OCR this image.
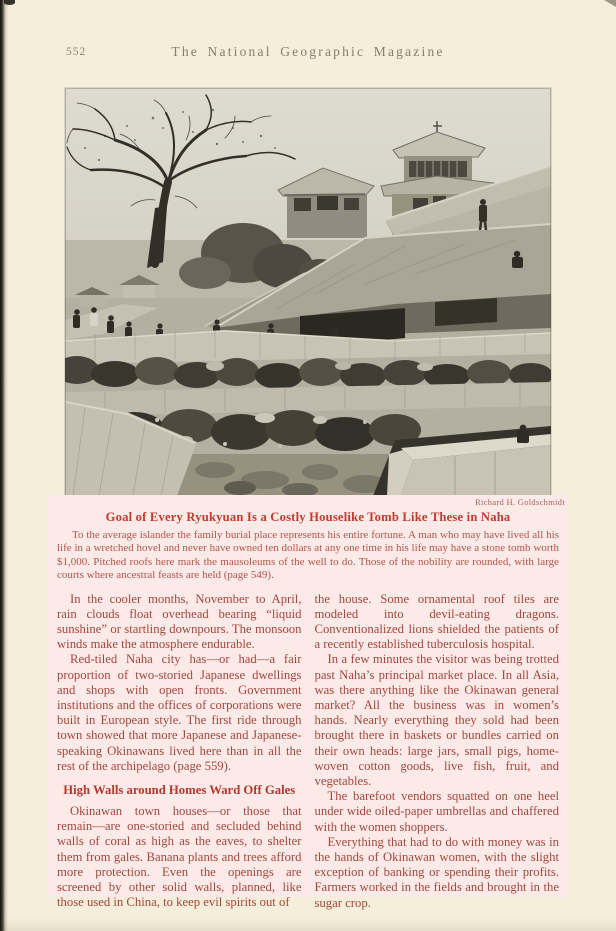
552	The National Geographic Magazine
Richard H. Goldschmidt
Goal of Every Ryukyuan Is a Costly Houselike Tomb Like These in Naha
To the average islander the family burial place represents his entire fortune. A man who may have lived all his life in a wretched hovel and never have owned ten dollars at any one time in his life may have a stone tomb worth $1,000. Pitched roofs here mark the mausoleums of the well to do. Those of the nobility are rounded, with large courts where ancestral feasts are held (page 549).

In the cooler months, November to April, rain clouds float overhead bearing “liquid sunshine” or startling downpours. The monsoon winds make the atmosphere endurable.

Red-tiled Naha city has—or had—a fair proportion of two-storied Japanese dwellings and shops with open fronts. Government institutions and the offices of corporations were built in European style. The first ride through town showed that more Japanese and Japanese-speaking Okinawans lived here than in all the rest of the archipelago (page 559).

High Walls around Homes Ward Off Gales

Okinawan town houses—or those that remain—are one-storied and secluded behind walls of coral as high as the eaves, to shelter them from gales. Banana plants and trees afford more protection. Even the openings are screened by other solid walls, planned, like those used in China, to keep evil spirits out of

the house. Some ornamental roof tiles are modeled into devil-eating dragons. Conventionalized lions shielded the patients of a recently established tuberculosis hospital.

In a few minutes the visitor was being trotted past Naha’s principal market place. In all Asia, was there anything like the Okinawan general market? All the business was in women’s hands. Nearly everything they sold had been brought there in baskets or bundles carried on their own heads: large jars, small pigs, home-woven cotton goods, live fish, fruit, and vegetables.

The barefoot vendors squatted on one heel under wide oiled-paper umbrellas and chaffered with the women shoppers.

Everything that had to do with money was in the hands of Okinawan women, with the slight exception of banking or spending their profits. Farmers worked in the fields and brought in the sugar crop.
